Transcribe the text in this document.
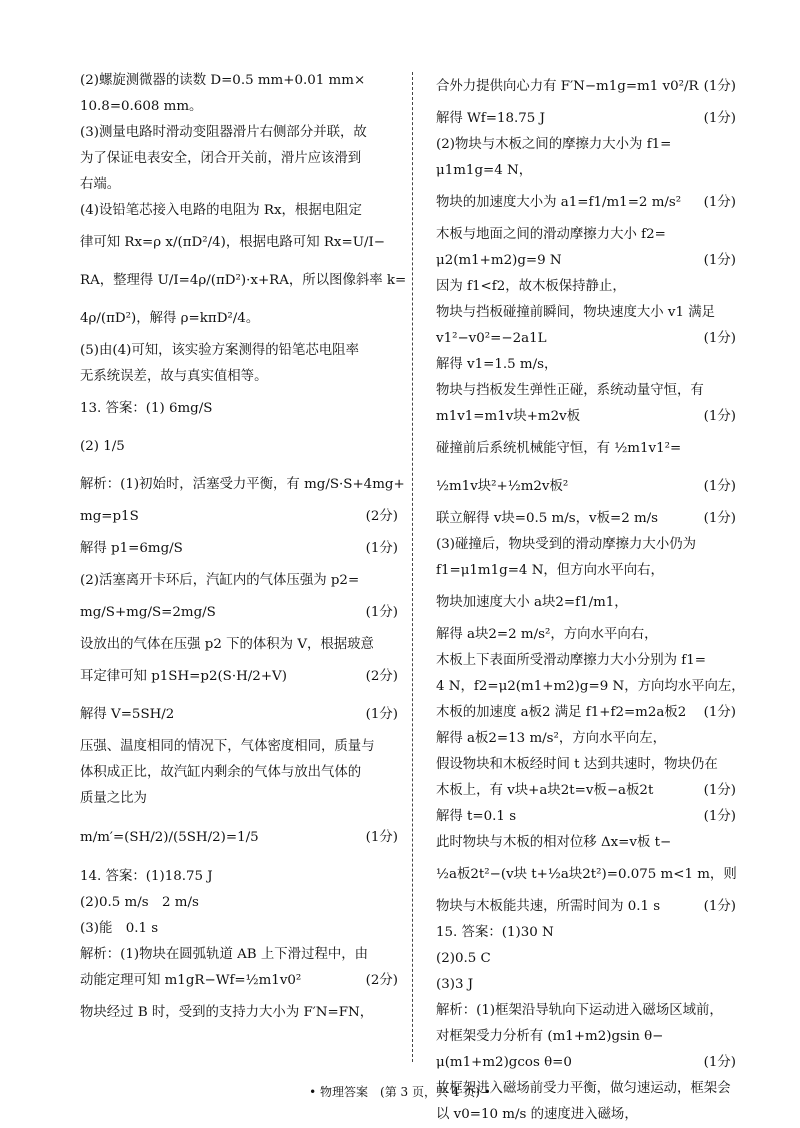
(2)螺旋测微器的读数 D=0.5 mm+0.01 mm×
10.8=0.608 mm。
(3)测量电路时滑动变阻器滑片右侧部分并联，故
为了保证电表安全，闭合开关前，滑片应该滑到
右端。
(4)设铅笔芯接入电路的电阻为 Rx，根据电阻定
律可知 Rx=ρ x/(πD²/4)，根据电路可知 Rx=U/I−
RA，整理得 U/I=4ρ/(πD²)·x+RA，所以图像斜率 k=
4ρ/(πD²)，解得 ρ=kπD²/4。
(5)由(4)可知，该实验方案测得的铅笔芯电阻率
无系统误差，故与真实值相等。
13. 答案：(1) 6mg/S
(2) 1/5
解析：(1)初始时，活塞受力平衡，有 mg/S·S+4mg+
mg=p1S	(2分)
解得 p1=6mg/S	(1分)
(2)活塞离开卡环后，汽缸内的气体压强为 p2=
mg/S+mg/S=2mg/S	(1分)
设放出的气体在压强 p2 下的体积为 V，根据玻意
耳定律可知 p1SH=p2(S·H/2+V)	(2分)
解得 V=5SH/2	(1分)
压强、温度相同的情况下，气体密度相同，质量与
体积成正比，故汽缸内剩余的气体与放出气体的
质量之比为
m/m′=(SH/2)/(5SH/2)=1/5	(1分)
14. 答案：(1)18.75 J
(2)0.5 m/s　2 m/s
(3)能　0.1 s
解析：(1)物块在圆弧轨道 AB 上下滑过程中，由
动能定理可知 m1gR−Wf=½m1v0²	(2分)
物块经过 B 时，受到的支持力大小为 F′N=FN，
合外力提供向心力有 F′N−m1g=m1 v0²/R (1分)
解得 Wf=18.75 J	(1分)
(2)物块与木板之间的摩擦力大小为 f1=
μ1m1g=4 N，
物块的加速度大小为 a1=f1/m1=2 m/s² (1分)
木板与地面之间的滑动摩擦力大小 f2=
μ2(m1+m2)g=9 N	(1分)
因为 f1<f2，故木板保持静止，
物块与挡板碰撞前瞬间，物块速度大小 v1 满足
v1²−v0²=−2a1L	(1分)
解得 v1=1.5 m/s，
物块与挡板发生弹性正碰，系统动量守恒，有
m1v1=m1v块+m2v板	(1分)
碰撞前后系统机械能守恒，有 ½m1v1²=
½m1v块²+½m2v板²	(1分)
联立解得 v块=0.5 m/s，v板=2 m/s	(1分)
(3)碰撞后，物块受到的滑动摩擦力大小仍为
f1=μ1m1g=4 N，但方向水平向右，
物块加速度大小 a块2=f1/m1，
解得 a块2=2 m/s²，方向水平向右，
木板上下表面所受滑动摩擦力大小分别为 f1=
4 N，f2=μ2(m1+m2)g=9 N，方向均水平向左，
木板的加速度 a板2 满足 f1+f2=m2a板2 (1分)
解得 a板2=13 m/s²，方向水平向左，
假设物块和木板经时间 t 达到共速时，物块仍在
木板上，有 v块+a块2t=v板−a板2t	(1分)
解得 t=0.1 s	(1分)
此时物块与木板的相对位移 Δx=v板 t−
½a板2t²−(v块 t+½a块2t²)=0.075 m<1 m，则
物块与木板能共速，所需时间为 0.1 s	(1分)
15. 答案：(1)30 N
(2)0.5 C
(3)3 J
解析：(1)框架沿导轨向下运动进入磁场区域前，
对框架受力分析有 (m1+m2)gsin θ−
μ(m1+m2)gcos θ=0	(1分)
故框架进入磁场前受力平衡，做匀速运动，框架会
以 v0=10 m/s 的速度进入磁场，
• 物理答案　(第 3 页，共 4 页) •
